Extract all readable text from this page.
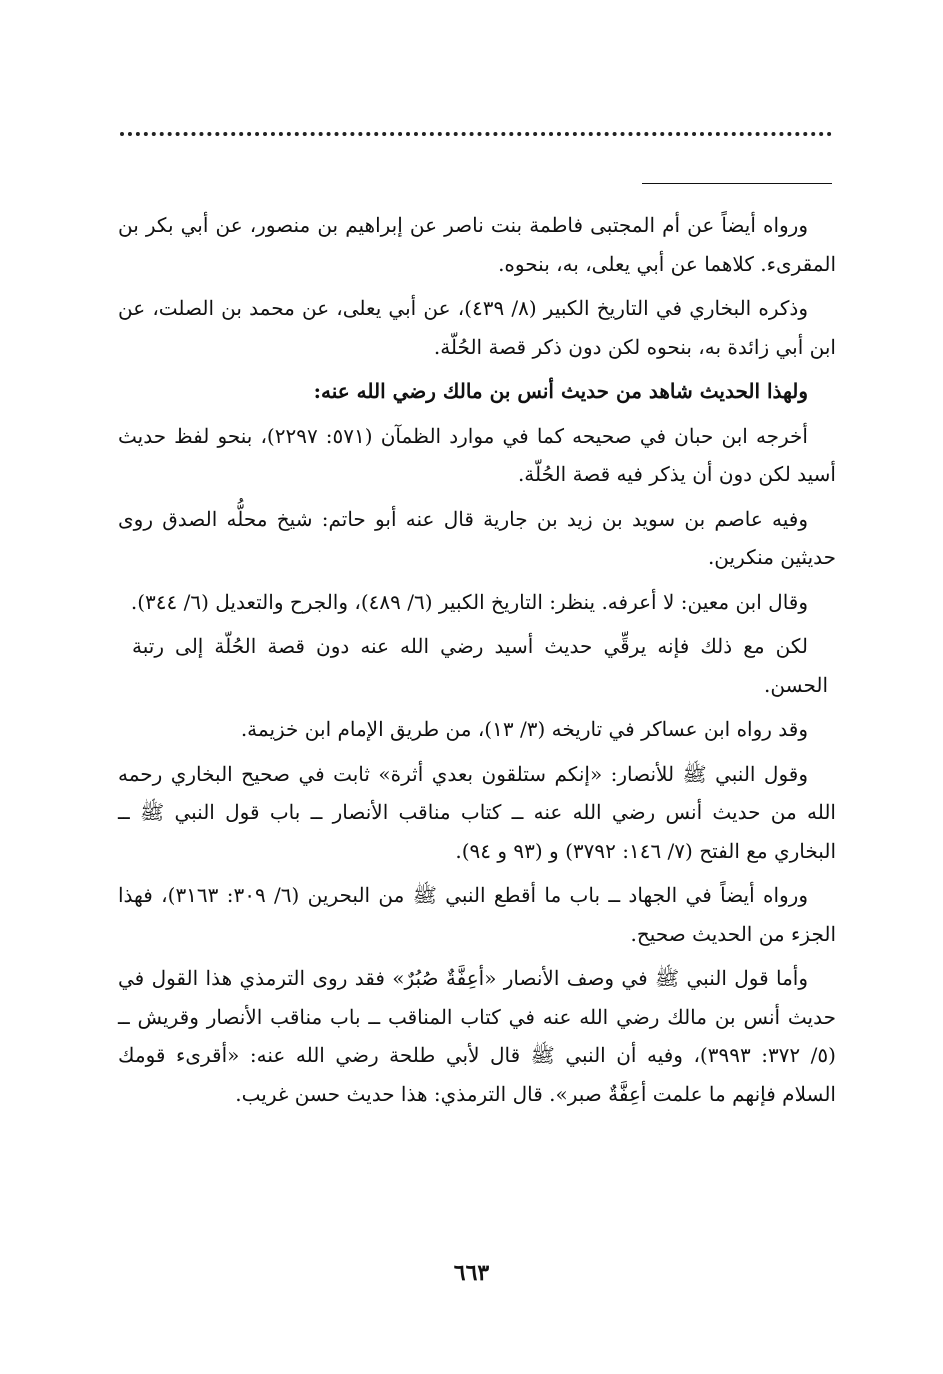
ورواه أيضاً عن أم المجتبى فاطمة بنت ناصر عن إبراهيم بن منصور، عن أبي بكر بن المقرىء. كلاهما عن أبي يعلى، به، بنحوه.

وذكره البخاري في التاريخ الكبير (٨/ ٤٣٩)، عن أبي يعلى، عن محمد بن الصلت، عن ابن أبي زائدة به، بنحوه لكن دون ذكر قصة الحُلّة.

ولهذا الحديث شاهد من حديث أنس بن مالك رضي الله عنه:

أخرجه ابن حبان في صحيحه كما في موارد الظمآن (٥٧١: ٢٢٩٧)، بنحو لفظ حديث أسيد لكن دون أن يذكر فيه قصة الحُلّة.

وفيه عاصم بن سويد بن زيد بن جارية قال عنه أبو حاتم: شيخ محلُّه الصدق روى حديثين منكرين.

وقال ابن معين: لا أعرفه. ينظر: التاريخ الكبير (٦/ ٤٨٩)، والجرح والتعديل (٦/ ٣٤٤).

لكن مع ذلك فإنه يرقِّي حديث أسيد رضي الله عنه دون قصة الحُلّة إلى رتبة الحسن.

وقد رواه ابن عساكر في تاريخه (٣/ ١٣)، من طريق الإمام ابن خزيمة.

وقول النبي ﷺ للأنصار: «إنكم ستلقون بعدي أثرة» ثابت في صحيح البخاري رحمه الله من حديث أنس رضي الله عنه ــ كتاب مناقب الأنصار ــ باب قول النبي ﷺ ــ البخاري مع الفتح (٧/ ١٤٦: ٣٧٩٢) و (٩٣ و ٩٤).

ورواه أيضاً في الجهاد ــ باب ما أقطع النبي ﷺ من البحرين (٦/ ٣٠٩: ٣١٦٣)، فهذا الجزء من الحديث صحيح.

وأما قول النبي ﷺ في وصف الأنصار «أعِفَّةٌ صُبُرٌ» فقد روى الترمذي هذا القول في حديث أنس بن مالك رضي الله عنه في كتاب المناقب ــ باب مناقب الأنصار وقريش ــ (٥/ ٣٧٢: ٣٩٩٣)، وفيه أن النبي ﷺ قال لأبي طلحة رضي الله عنه: «أقرىء قومك السلام فإنهم ما علمت أعِفَّةٌ صبر». قال الترمذي: هذا حديث حسن غريب.

٦٦٣
